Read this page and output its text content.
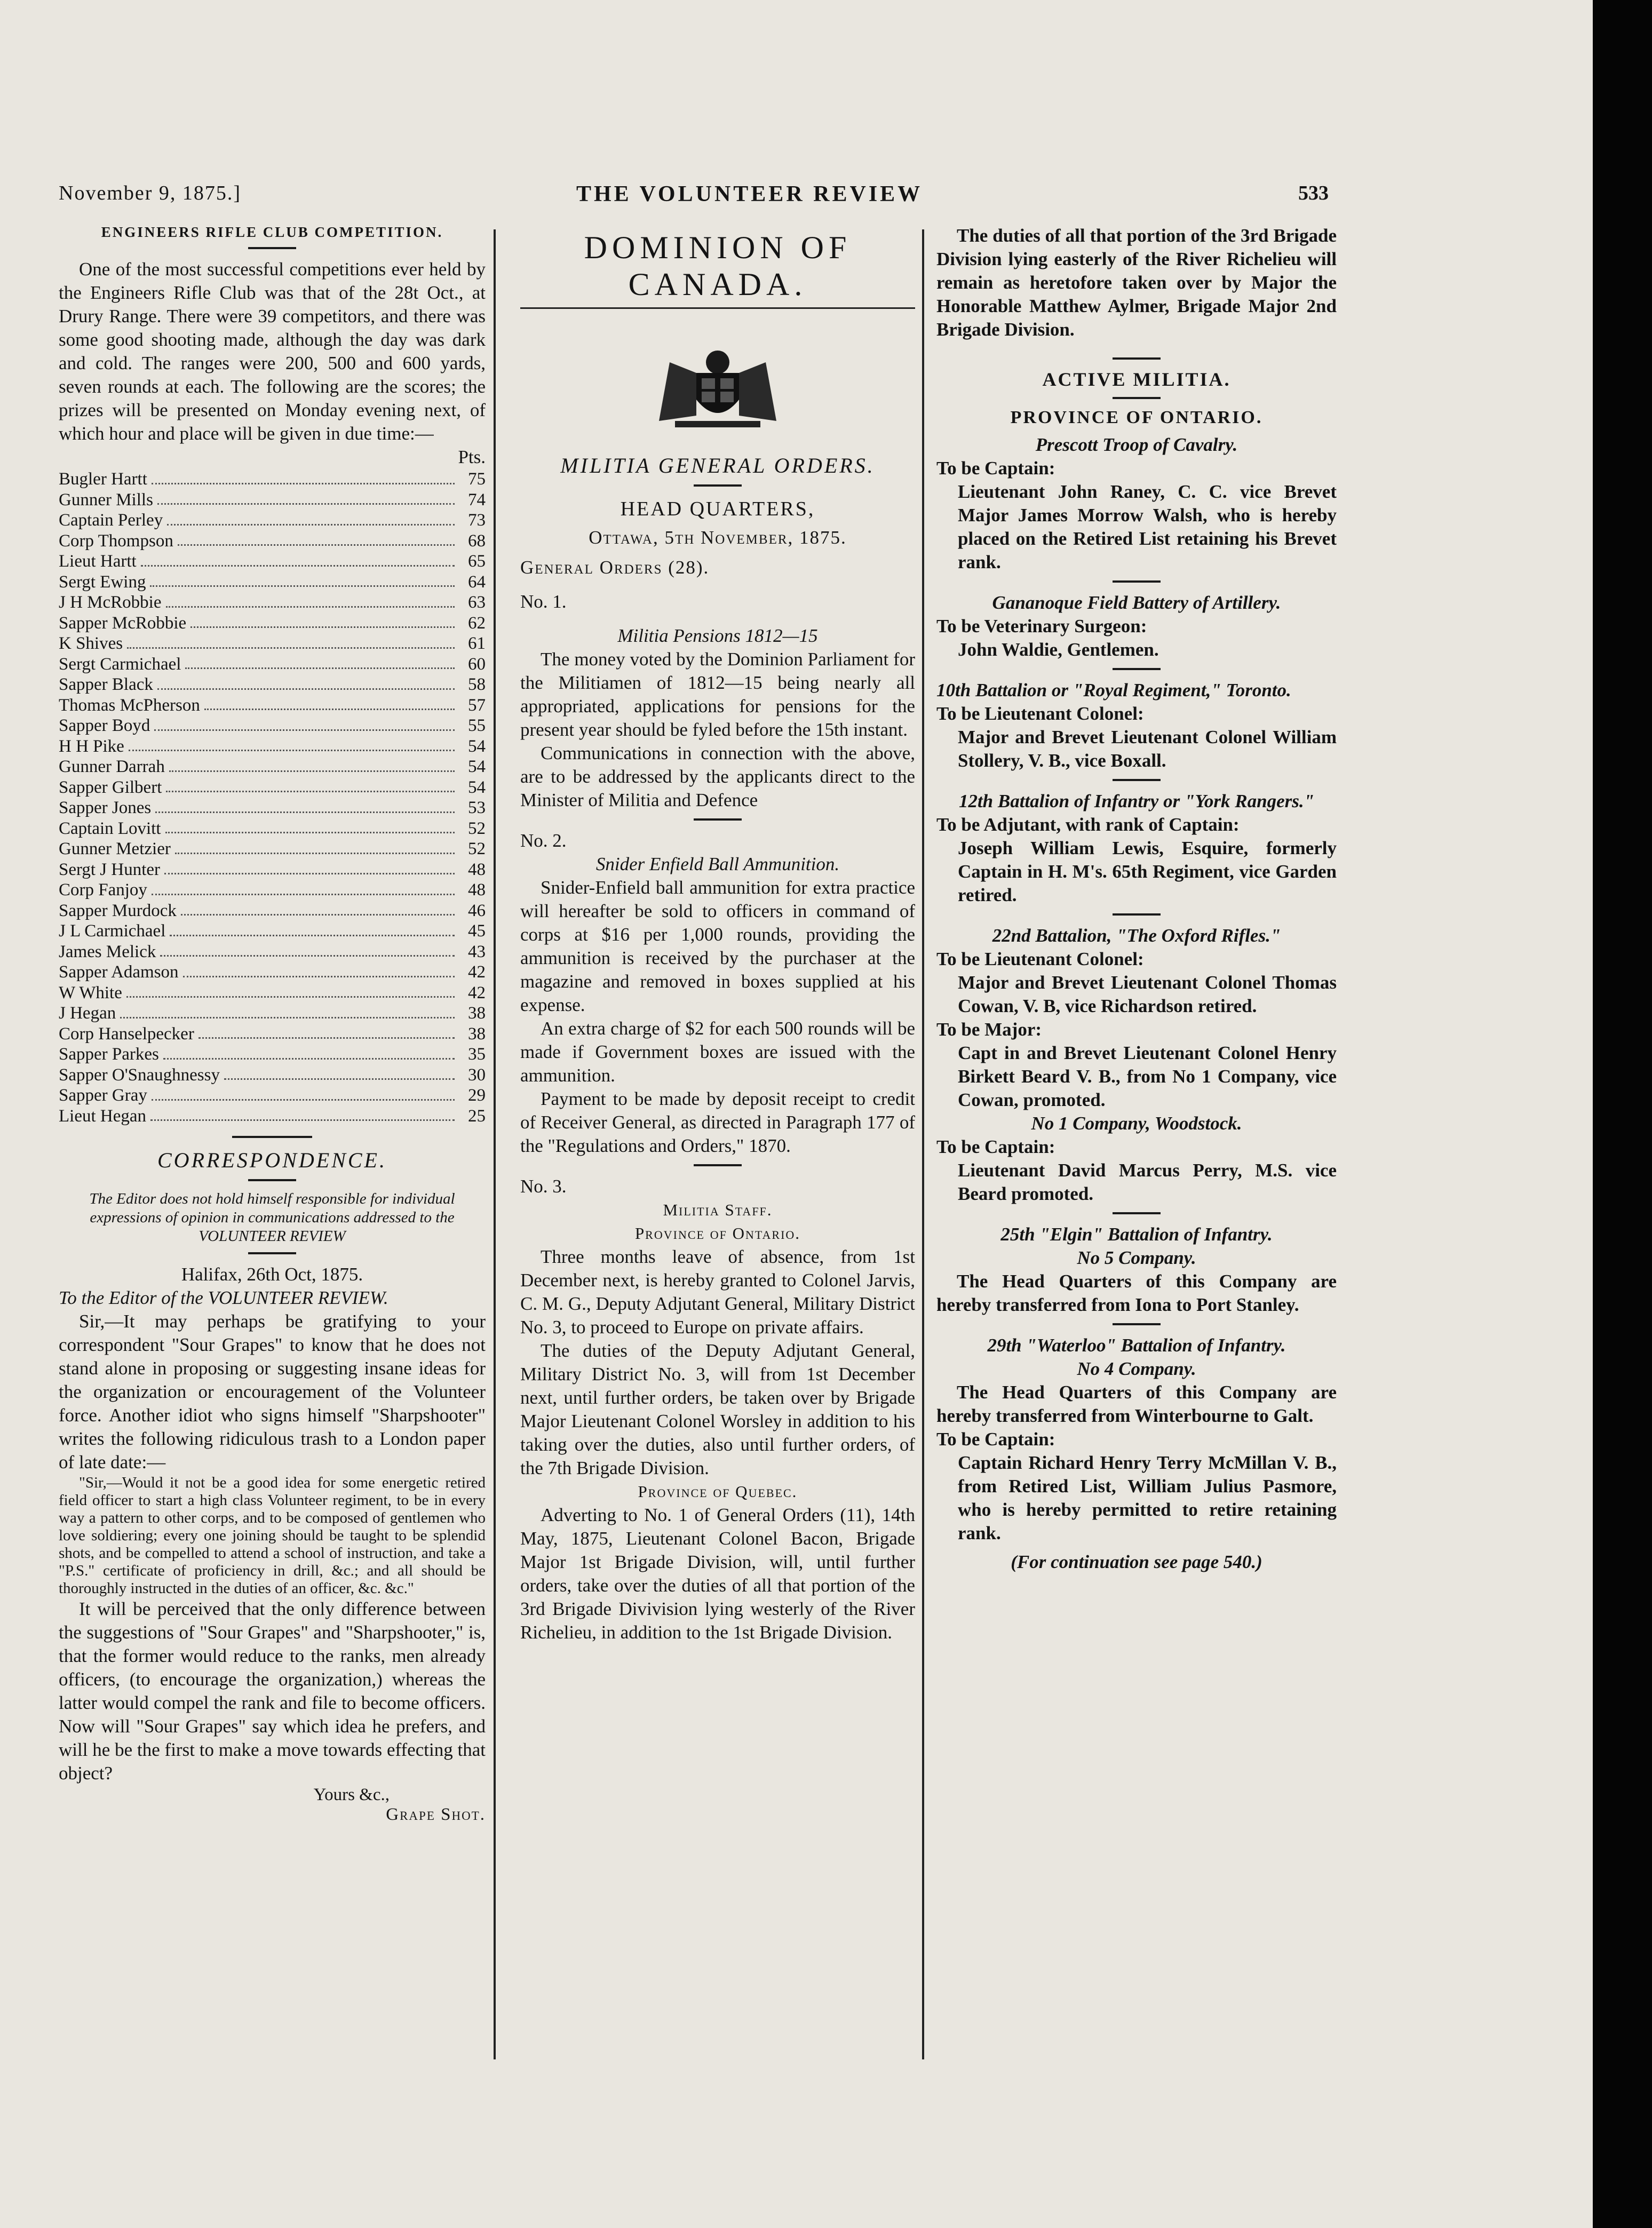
November 9, 1875.]	THE VOLUNTEER REVIEW	533

ENGINEERS RIFLE CLUB COMPETITION.

One of the most successful competitions ever held by the Engineers Rifle Club was that of the 28t Oct., at Drury Range. There were 39 competitors, and there was some good shooting made, although the day was dark and cold. The ranges were 200, 500 and 600 yards, seven rounds at each. The following are the scores; the prizes will be presented on Monday evening next, of which hour and place will be given in due time:—

Pts.

Bugler Hartt	75
Gunner Mills	74
Captain Perley	73
Corp Thompson	68
Lieut Hartt	65
Sergt Ewing	64
J H McRobbie	63
Sapper McRobbie	62
K Shives	61
Sergt Carmichael	60
Sapper Black	58
Thomas McPherson	57
Sapper Boyd	55
H H Pike	54
Gunner Darrah	54
Sapper Gilbert	54
Sapper Jones	53
Captain Lovitt	52
Gunner Metzier	52
Sergt J Hunter	48
Corp Fanjoy	48
Sapper Murdock	46
J L Carmichael	45
James Melick	43
Sapper Adamson	42
W White	42
J Hegan	38
Corp Hanselpecker	38
Sapper Parkes	35
Sapper O'Snaughnessy	30
Sapper Gray	29
Lieut Hegan	25

CORRESPONDENCE.

The Editor does not hold himself responsible for individual expressions of opinion in communications addressed to the VOLUNTEER REVIEW

Halifax, 26th Oct, 1875.

To the Editor of the VOLUNTEER REVIEW.

Sir,—It may perhaps be gratifying to your correspondent "Sour Grapes" to know that he does not stand alone in proposing or suggesting insane ideas for the organization or encouragement of the Volunteer force. Another idiot who signs himself "Sharpshooter" writes the following ridiculous trash to a London paper of late date:—

"Sir,—Would it not be a good idea for some energetic retired field officer to start a high class Volunteer regiment, to be in every way a pattern to other corps, and to be composed of gentlemen who love soldiering; every one joining should be taught to be splendid shots, and be compelled to attend a school of instruction, and take a "P.S." certificate of proficiency in drill, &c.; and all should be thoroughly instructed in the duties of an officer, &c. &c."

It will be perceived that the only difference between the suggestions of "Sour Grapes" and "Sharpshooter," is, that the former would reduce to the ranks, men already officers, (to encourage the organization,) whereas the latter would compel the rank and file to become officers. Now will "Sour Grapes" say which idea he prefers, and will he be the first to make a move towards effecting that object?

Yours &c.,

Grape Shot.

DOMINION OF CANADA.

MILITIA GENERAL ORDERS.

HEAD QUARTERS,

Ottawa, 5th November, 1875.

General Orders (28).

No. 1.

Militia Pensions 1812—15

The money voted by the Dominion Parliament for the Militiamen of 1812—15 being nearly all appropriated, applications for pensions for the present year should be fyled before the 15th instant.

Communications in connection with the above, are to be addressed by the applicants direct to the Minister of Militia and Defence

No. 2.

Snider Enfield Ball Ammunition.

Snider-Enfield ball ammunition for extra practice will hereafter be sold to officers in command of corps at $16 per 1,000 rounds, providing the ammunition is received by the purchaser at the magazine and removed in boxes supplied at his expense.

An extra charge of $2 for each 500 rounds will be made if Government boxes are issued with the ammunition.

Payment to be made by deposit receipt to credit of Receiver General, as directed in Paragraph 177 of the "Regulations and Orders," 1870.

No. 3.

Militia Staff.

Province of Ontario.

Three months leave of absence, from 1st December next, is hereby granted to Colonel Jarvis, C. M. G., Deputy Adjutant General, Military District No. 3, to proceed to Europe on private affairs.

The duties of the Deputy Adjutant General, Military District No. 3, will from 1st December next, until further orders, be taken over by Brigade Major Lieutenant Colonel Worsley in addition to his taking over the duties, also until further orders, of the 7th Brigade Division.

Province of Quebec.

Adverting to No. 1 of General Orders (11), 14th May, 1875, Lieutenant Colonel Bacon, Brigade Major 1st Brigade Division, will, until further orders, take over the duties of all that portion of the 3rd Brigade Divivision lying westerly of the River Richelieu, in addition to the 1st Brigade Division.

The duties of all that portion of the 3rd Brigade Division lying easterly of the River Richelieu will remain as heretofore taken over by Major the Honorable Matthew Aylmer, Brigade Major 2nd Brigade Division.

ACTIVE MILITIA.

PROVINCE OF ONTARIO.

Prescott Troop of Cavalry.

To be Captain:

Lieutenant John Raney, C. C. vice Brevet Major James Morrow Walsh, who is hereby placed on the Retired List retaining his Brevet rank.

Gananoque Field Battery of Artillery.

To be Veterinary Surgeon:

John Waldie, Gentlemen.

10th Battalion or "Royal Regiment," Toronto.

To be Lieutenant Colonel:

Major and Brevet Lieutenant Colonel William Stollery, V. B., vice Boxall.

12th Battalion of Infantry or "York Rangers."

To be Adjutant, with rank of Captain:

Joseph William Lewis, Esquire, formerly Captain in H. M's. 65th Regiment, vice Garden retired.

22nd Battalion, "The Oxford Rifles."

To be Lieutenant Colonel:

Major and Brevet Lieutenant Colonel Thomas Cowan, V. B, vice Richardson retired.

To be Major:

Capt in and Brevet Lieutenant Colonel Henry Birkett Beard V. B., from No 1 Company, vice Cowan, promoted.

No 1 Company, Woodstock.

To be Captain:

Lieutenant David Marcus Perry, M.S. vice Beard promoted.

25th "Elgin" Battalion of Infantry.

No 5 Company.

The Head Quarters of this Company are hereby transferred from Iona to Port Stanley.

29th "Waterloo" Battalion of Infantry.

No 4 Company.

The Head Quarters of this Company are hereby transferred from Winterbourne to Galt.

To be Captain:

Captain Richard Henry Terry McMillan V. B., from Retired List, William Julius Pasmore, who is hereby permitted to retire retaining rank.

(For continuation see page 540.)
